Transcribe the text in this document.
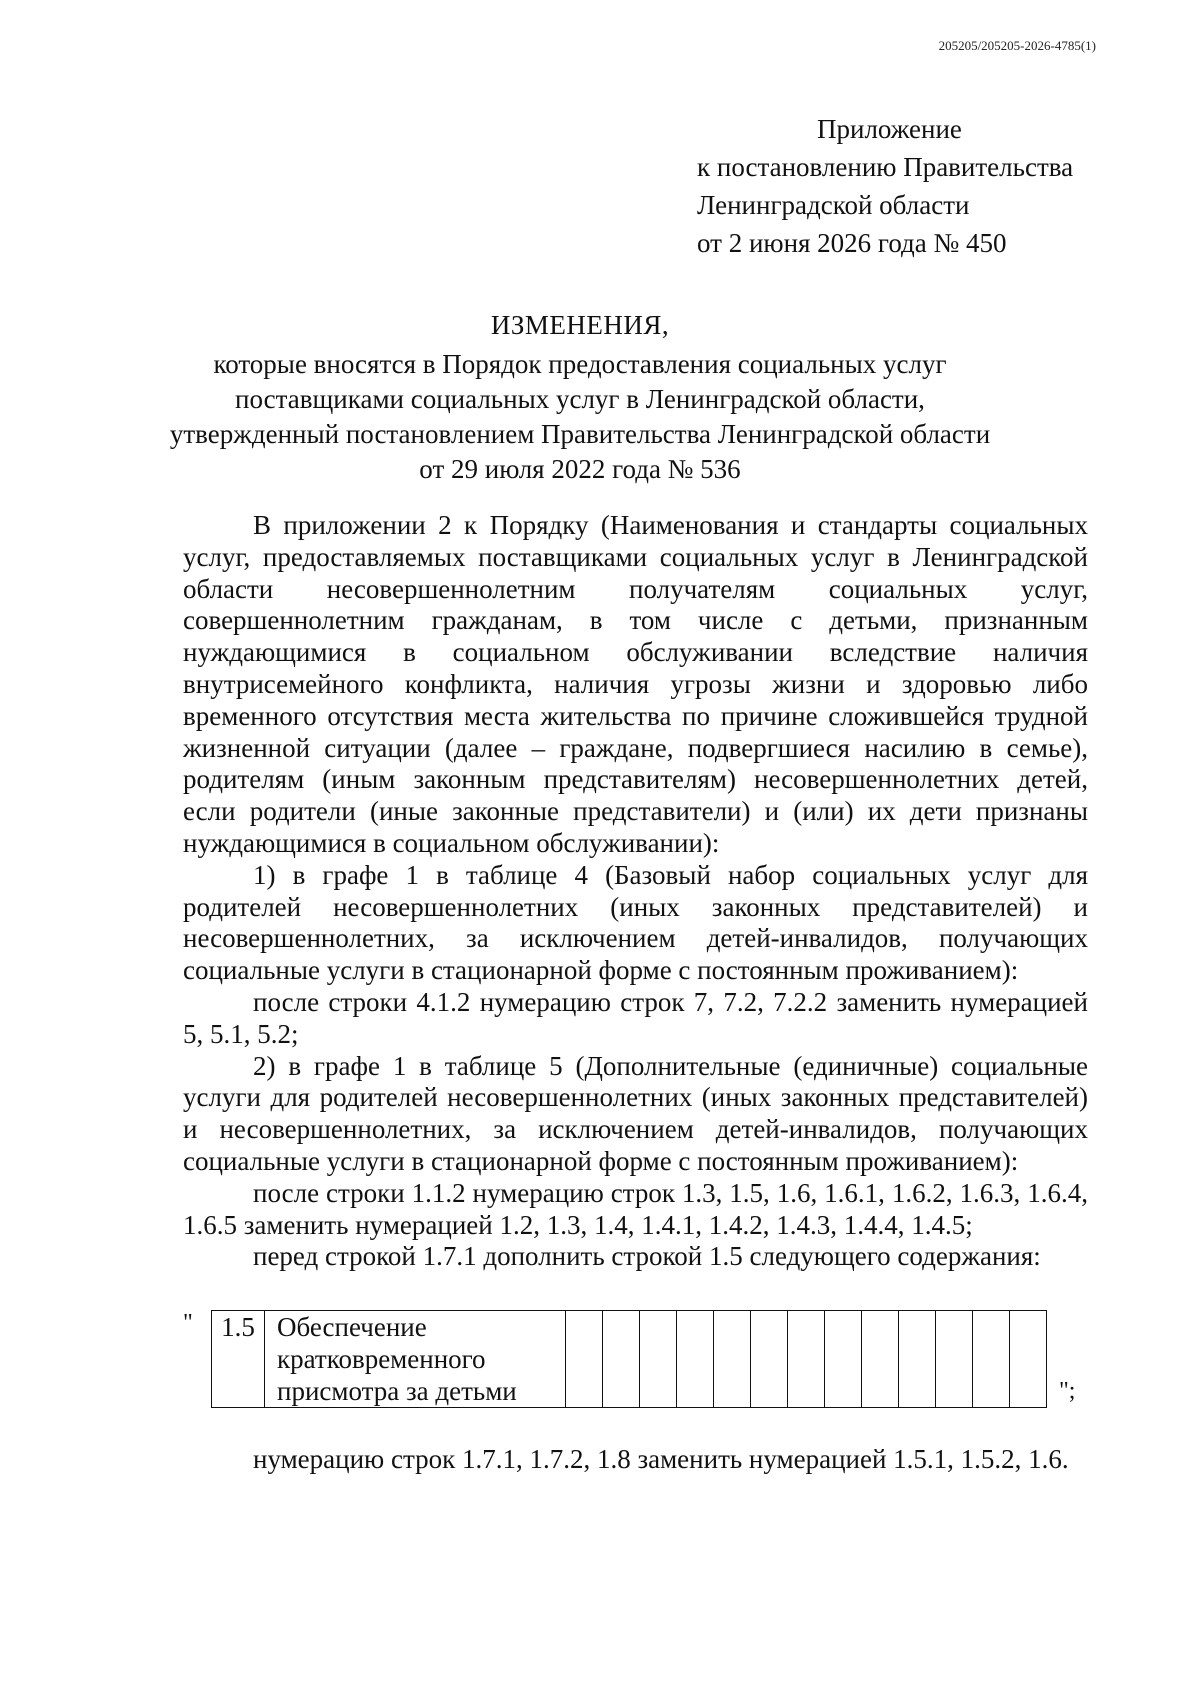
205205/205205-2026-4785(1)
Приложение
к постановлению Правительства
Ленинградской области
от 2 июня 2026 года № 450
ИЗМЕНЕНИЯ,
которые вносятся в Порядок предоставления социальных услуг
поставщиками социальных услуг в Ленинградской области,
утвержденный постановлением Правительства Ленинградской области
от 29 июля 2022 года № 536

В приложении 2 к Порядку (Наименования и стандарты социальных услуг, предоставляемых поставщиками социальных услуг в Ленинградской области несовершеннолетним получателям социальных услуг, совершеннолетним гражданам, в том числе с детьми, признанным нуждающимися в социальном обслуживании вследствие наличия внутрисемейного конфликта, наличия угрозы жизни и здоровью либо временного отсутствия места жительства по причине сложившейся трудной жизненной ситуации (далее – граждане, подвергшиеся насилию в семье), родителям (иным законным представителям) несовершеннолетних детей, если родители (иные законные представители) и (или) их дети признаны нуждающимися в социальном обслуживании):

1) в графе 1 в таблице 4 (Базовый набор социальных услуг для родителей несовершеннолетних (иных законных представителей) и несовершеннолетних, за исключением детей-инвалидов, получающих социальные услуги в стационарной форме с постоянным проживанием):

после строки 4.1.2 нумерацию строк 7, 7.2, 7.2.2 заменить нумерацией 5, 5.1, 5.2;

2) в графе 1 в таблице 5 (Дополнительные (единичные) социальные услуги для родителей несовершеннолетних (иных законных представителей) и несовершеннолетних, за исключением детей-инвалидов, получающих социальные услуги в стационарной форме с постоянным проживанием):

после строки 1.1.2 нумерацию строк 1.3, 1.5, 1.6, 1.6.1, 1.6.2, 1.6.3, 1.6.4, 1.6.5 заменить нумерацией 1.2, 1.3, 1.4, 1.4.1, 1.4.2, 1.4.3, 1.4.4, 1.4.5;

перед строкой 1.7.1 дополнить строкой 1.5 следующего содержания:

" 1.5	Обеспечение
кратковременного
присмотра за детьми
														";
нумерацию строк 1.7.1, 1.7.2, 1.8 заменить нумерацией 1.5.1, 1.5.2, 1.6.
